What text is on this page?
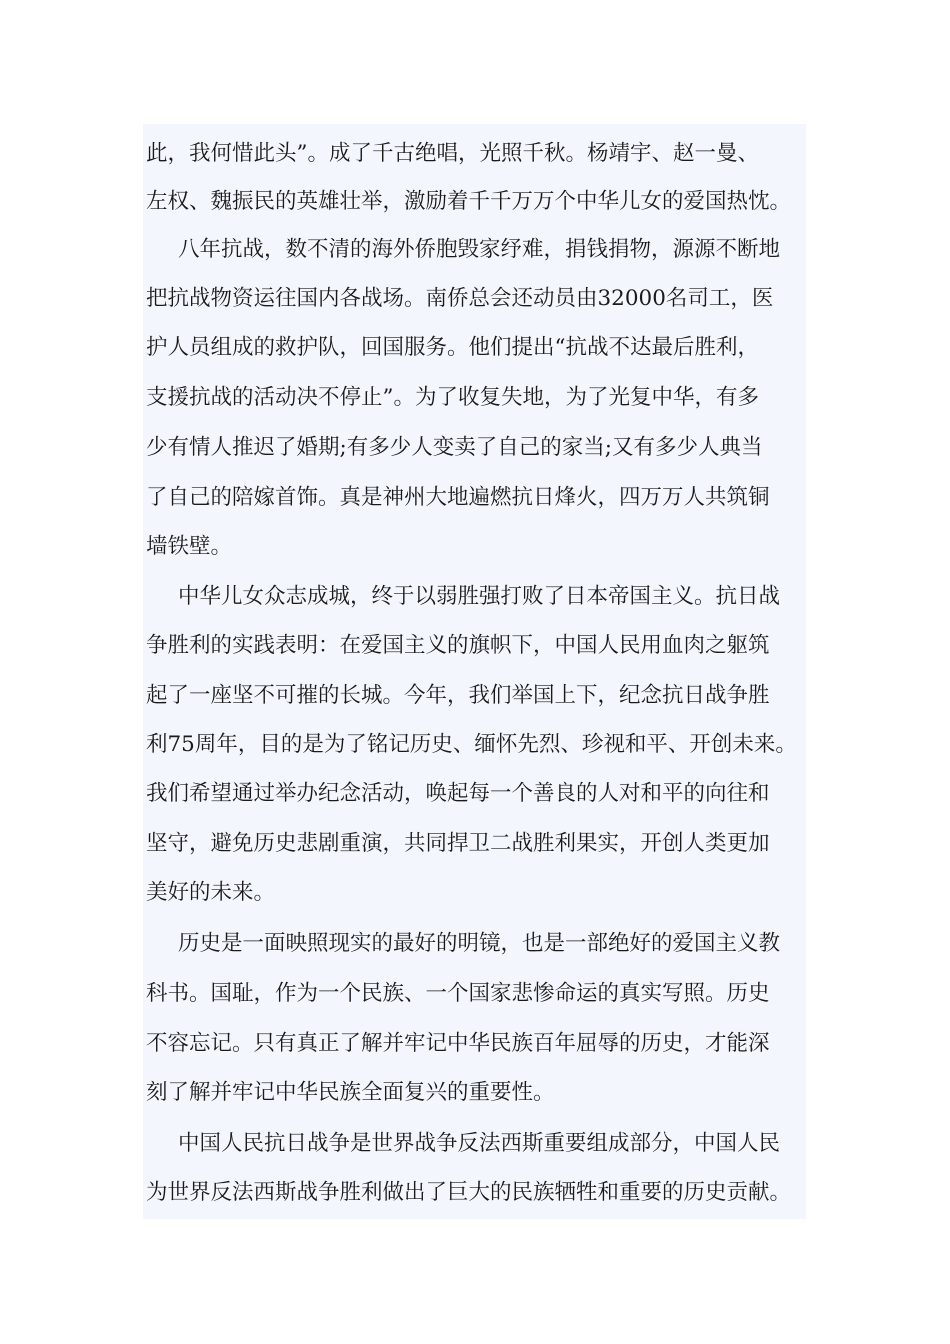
此，我何惜此头”。成了千古绝唱，光照千秋。杨靖宇、赵一曼、
左权、魏振民的英雄壮举，激励着千千万万个中华儿女的爱国热忱。
八年抗战，数不清的海外侨胞毁家纾难，捐钱捐物，源源不断地
把抗战物资运往国内各战场。南侨总会还动员由32000名司工，医
护人员组成的救护队，回国服务。他们提出“抗战不达最后胜利，
支援抗战的活动决不停止”。为了收复失地，为了光复中华，有多
少有情人推迟了婚期;有多少人变卖了自己的家当;又有多少人典当
了自己的陪嫁首饰。真是神州大地遍燃抗日烽火，四万万人共筑铜
墙铁壁。
中华儿女众志成城，终于以弱胜强打败了日本帝国主义。抗日战
争胜利的实践表明：在爱国主义的旗帜下，中国人民用血肉之躯筑
起了一座坚不可摧的长城。今年，我们举国上下，纪念抗日战争胜
利75周年，目的是为了铭记历史、缅怀先烈、珍视和平、开创未来。
我们希望通过举办纪念活动，唤起每一个善良的人对和平的向往和
坚守，避免历史悲剧重演，共同捍卫二战胜利果实，开创人类更加
美好的未来。
历史是一面映照现实的最好的明镜，也是一部绝好的爱国主义教
科书。国耻，作为一个民族、一个国家悲惨命运的真实写照。历史
不容忘记。只有真正了解并牢记中华民族百年屈辱的历史，才能深
刻了解并牢记中华民族全面复兴的重要性。
中国人民抗日战争是世界战争反法西斯重要组成部分，中国人民
为世界反法西斯战争胜利做出了巨大的民族牺牲和重要的历史贡献。
